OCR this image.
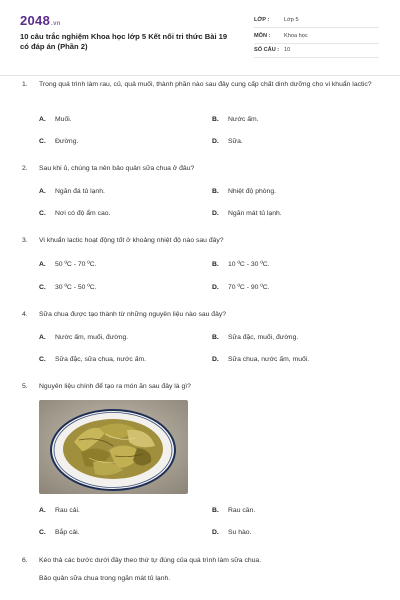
2048.vn
10 câu trắc nghiệm Khoa học lớp 5 Kết nối tri thức Bài 19 có đáp án (Phần 2)
LỚP :	Lớp 5
MÔN : Khoa học
SỐ CÂU : 10
1. Trong quá trình làm rau, củ, quả muối, thành phần nào sau đây cung cấp chất dinh dưỡng cho vi khuẩn lactic?
A. Muối.	B. Nước ấm.
C. Đường.	D. Sữa.
2. Sau khi ủ, chúng ta nên bảo quản sữa chua ở đâu?
A. Ngăn đá tủ lạnh.	B. Nhiệt độ phòng.
C. Nơi có độ ẩm cao.	D. Ngăn mát tủ lạnh.
3. Vi khuẩn lactic hoạt động tốt ở khoảng nhiệt độ nào sau đây?
A. 50 ºC - 70 ºC.	B. 10 ºC - 30 ºC.
C. 30 ºC - 50 ºC.	D. 70 ºC - 90 ºC.
4. Sữa chua được tạo thành từ những nguyên liệu nào sau đây?
A. Nước ấm, muối, đường.	B. Sữa đặc, muối, đường.
C. Sữa đặc, sữa chua, nước ấm.	D. Sữa chua, nước ấm, muối.
5. Nguyên liệu chính để tạo ra món ăn sau đây là gì?
A. Rau cải.	B. Rau cần.
C. Bắp cải.	D. Su hào.
6. Kéo thả các bước dưới đây theo thứ tự đúng của quá trình làm sữa chua.
Bảo quản sữa chua trong ngăn mát tủ lạnh.
